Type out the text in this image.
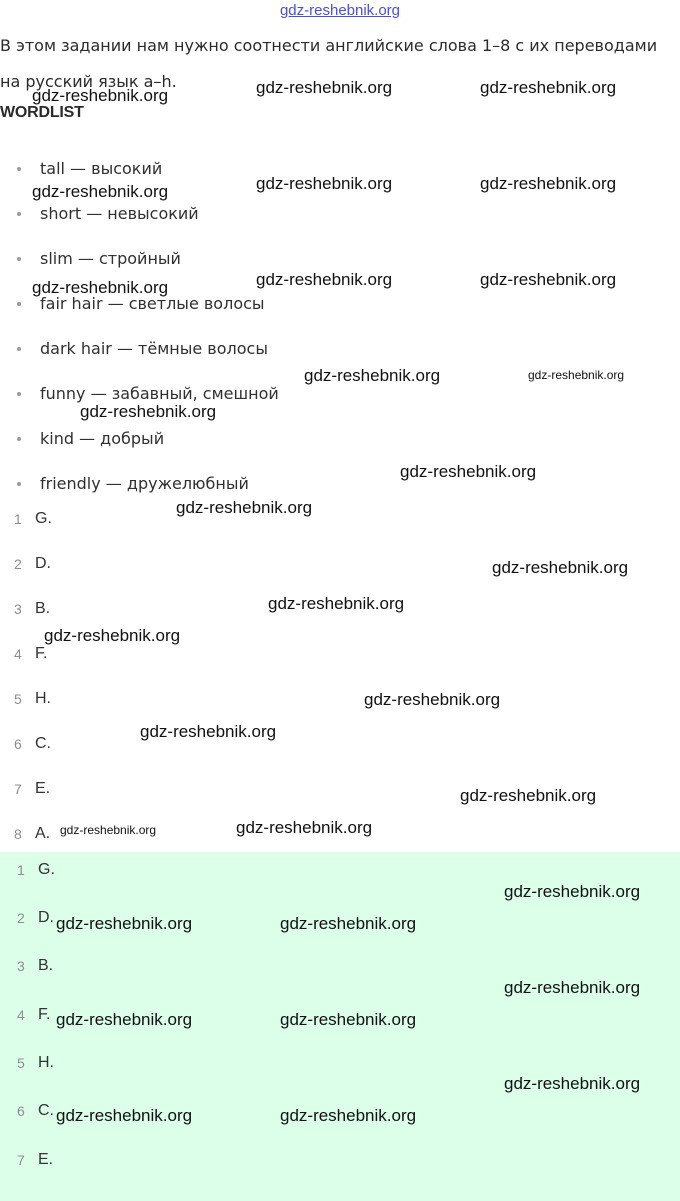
gdz-reshebnik.org

В этом задании нам нужно соотнести английские слова 1–8 с их переводами на русский язык a–h.

WORDLIST
tall — высокий
short — невысокий
slim — стройный
fair hair — светлые волосы
dark hair — тёмные волосы
funny — забавный, смешной
kind — добрый
friendly — дружелюбный
1 G.
2 D.
3 B.
4 F.
5 H.
6 C.
7 E.
8 A.
1 G.
2 D.
3 B.
4 F.
5 H.
6 C.
7 E.
gdz-reshebnik.org	gdz-reshebnik.org	gdz-reshebnik.org
gdz-reshebnik.org	gdz-reshebnik.org	gdz-reshebnik.org
gdz-reshebnik.org	gdz-reshebnik.org	gdz-reshebnik.org
gdz-reshebnik.org	gdz-reshebnik.org
gdz-reshebnik.org
gdz-reshebnik.org
gdz-reshebnik.org
gdz-reshebnik.org
gdz-reshebnik.org
gdz-reshebnik.org
gdz-reshebnik.org
gdz-reshebnik.org
gdz-reshebnik.org
gdz-reshebnik.org	gdz-reshebnik.org
gdz-reshebnik.org
gdz-reshebnik.org	gdz-reshebnik.org
gdz-reshebnik.org
gdz-reshebnik.org	gdz-reshebnik.org
gdz-reshebnik.org
gdz-reshebnik.org	gdz-reshebnik.org
